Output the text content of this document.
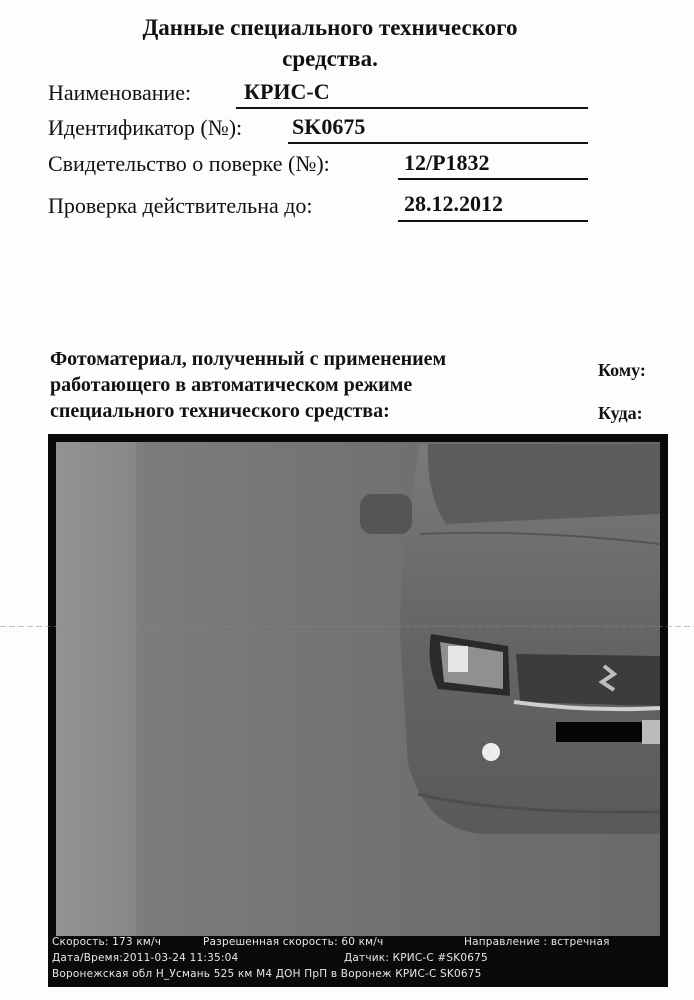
Данные специального технического
средства.
Наименование: КРИС-С
Идентификатор (№): SK0675
Свидетельство о поверке (№):	12/P1832
Проверка действительна до:	28.12.2012
Фотоматериал, полученный с применением
работающего в автоматическом режиме
специального технического средства:
Кому:
Куда:
Скорость: 173 км/ч	Разрешенная скорость: 60 км/ч	Направление : встречная
Дата/Время:2011-03-24 11:35:04	Датчик: КРИС-С #SK0675
Воронежская обл Н_Усмань 525 км М4 ДОН ПрП в Воронеж КРИС-С SK0675
